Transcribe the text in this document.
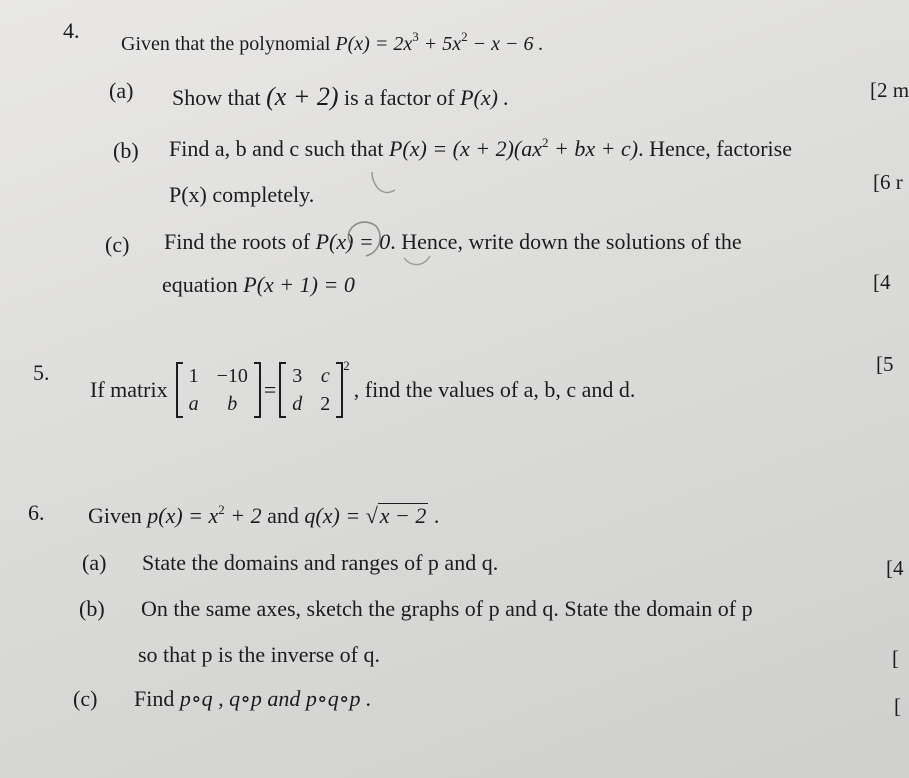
4.
Given that the polynomial $P(x) = 2x^3 + 5x^2 - x - 6$ .
(a) Show that (x + 2) is a factor of P(x) .	[2 m
(b) Find a, b and c such that $P(x) = (x + 2)(ax^2$ + bx + c). Hence, factorise
P(x) completely.	[6 r
(c) Find the roots of P(x) = 0. Hence, write down the solutions of the
equation P(x + 1) = 0	[4
5.	[5
If matrix
1 −10
a	b
=
3 c
d 2
$^2$
, find the values of a, b, c and d.
6. Given $p(x) = x^2 + 2$ and q(x) = √x − 2 .
(a) State the domains and ranges of p and q.	[4
(b) On the same axes, sketch the graphs of p and q. State the domain of p
so that p is the inverse of q.	[
(c) Find p∘q , q∘p and p∘q∘p .	[
